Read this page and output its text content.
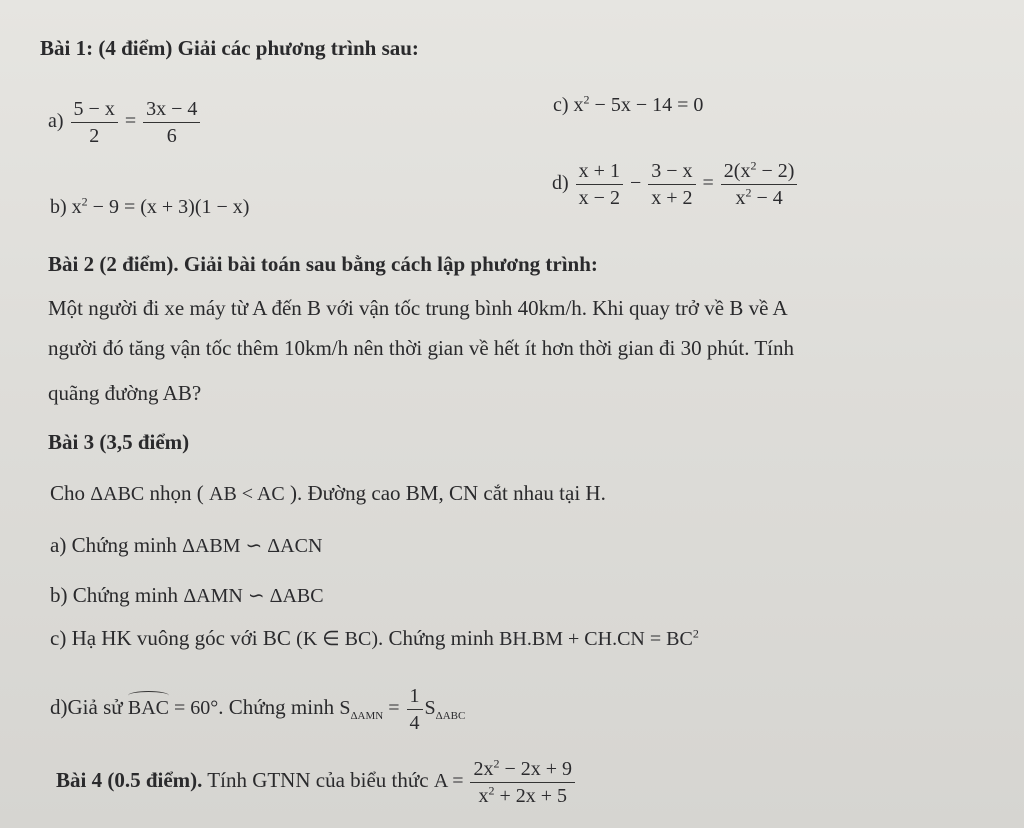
Bài 1: (4 điểm) Giải các phương trình sau:
$a) \frac{5 - x}{2} = \frac{3x - 4}{6}$
b) $x^2 - 9 = (x + 3)(1 - x)$
c) $x^2 - 5x - 14 = 0$
$d) \frac{x + 1}{x - 2} - \frac{3 - x}{x + 2} = \frac{2(x^2 - 2)}{x^2 - 4}$
Bài 2 (2 điểm). Giải bài toán sau bằng cách lập phương trình:
Một người đi xe máy từ A đến B với vận tốc trung bình 40km/h. Khi quay trở về B về A
người đó tăng vận tốc thêm 10km/h nên thời gian về hết ít hơn thời gian đi 30 phút. Tính
quãng đường AB?
Bài 3 (3,5 điểm)
Cho ΔABC nhọn ( AB < AC ). Đường cao BM, CN cắt nhau tại H.
a) Chứng minh ΔABM ∽ ΔACN
b) Chứng minh ΔAMN ∽ ΔABC
c) Hạ HK vuông góc với BC (K ∈ BC). Chứng minh $BH.BM + CH.CN = BC^2$
d)Giả sử BAC = 60°. Chứng minh $S_{\Delta AMN} = \frac{1}{4} S_{\Delta ABC}$
Bài 4 (0.5 điểm). Tính GTNN của biểu thức $A = \frac{2x^2 - 2x + 9}{x^2 + 2x + 5}$
